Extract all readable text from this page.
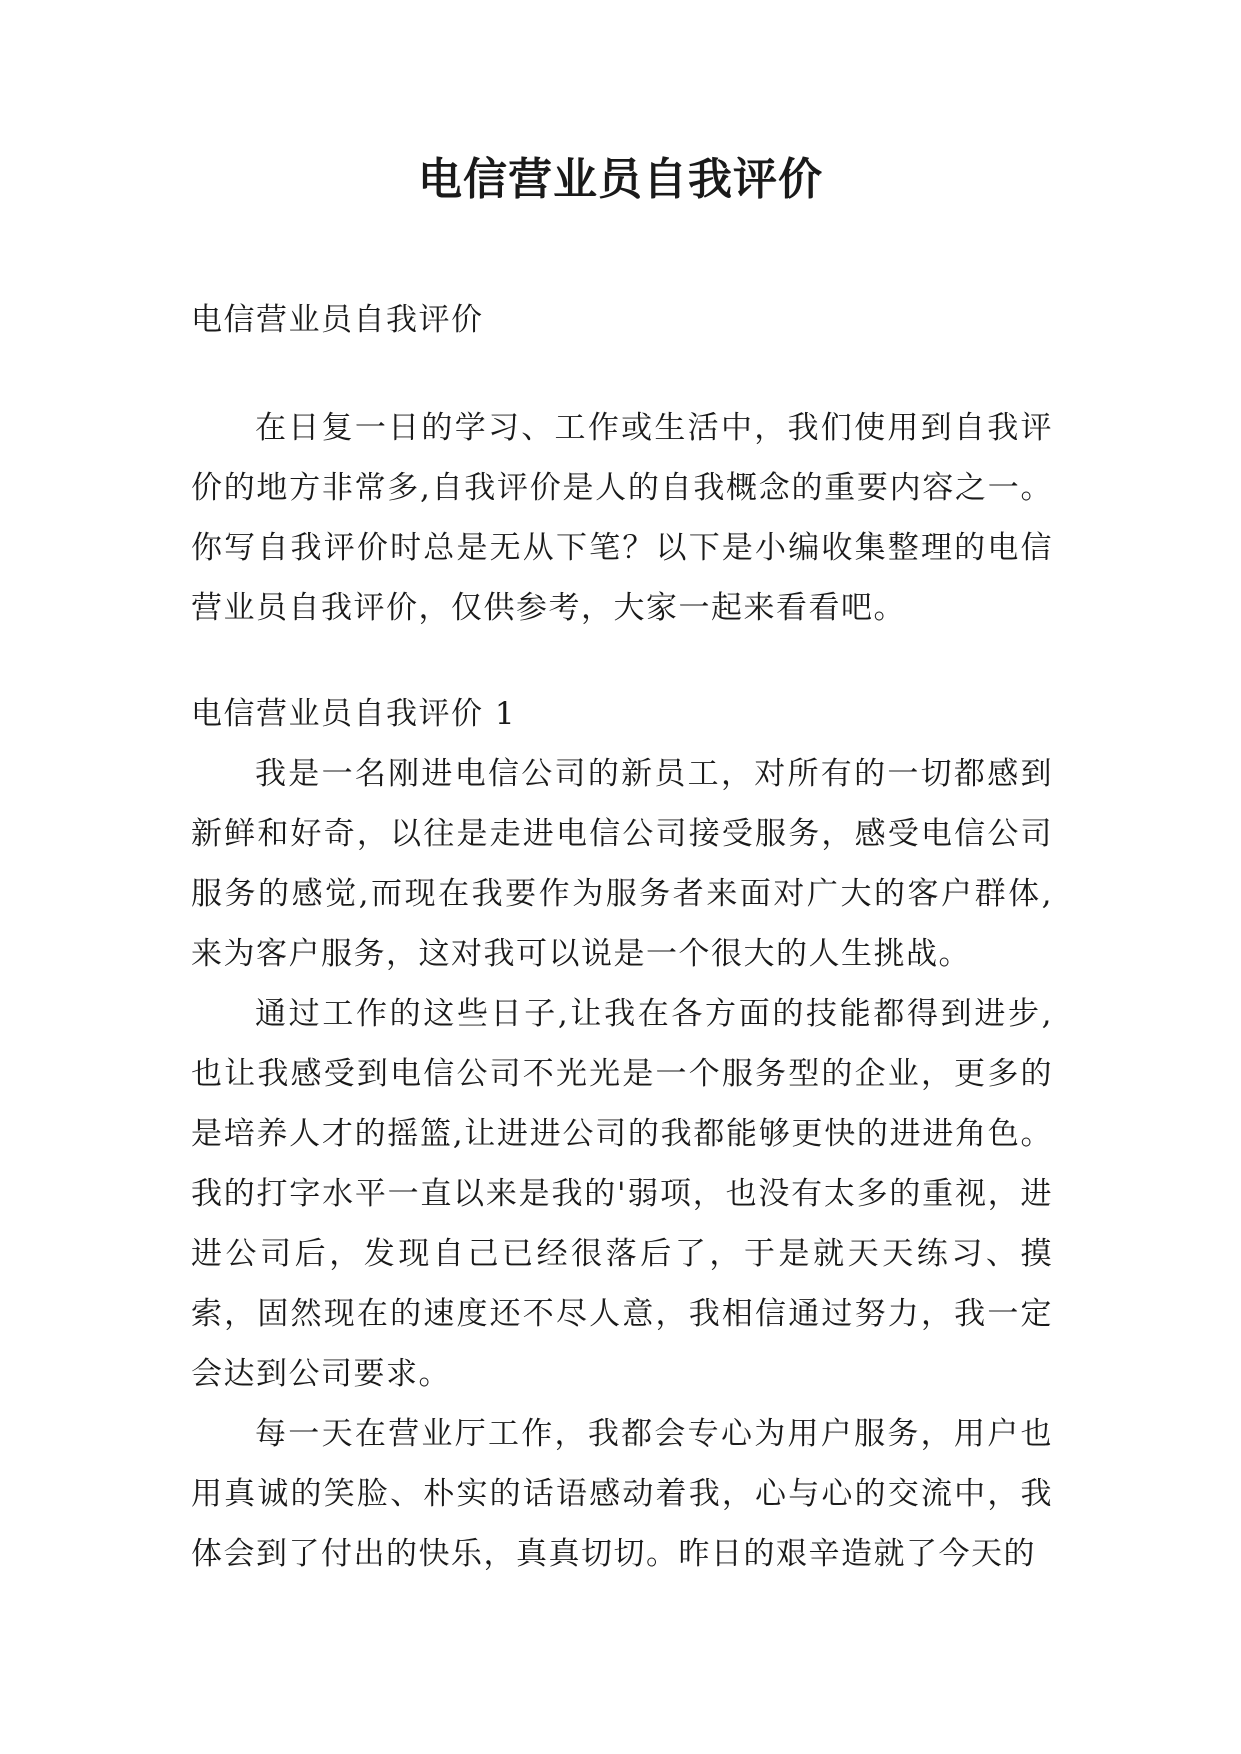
电信营业员自我评价

电信营业员自我评价

在日复一日的学习、工作或生活中，我们使用到自我评价的地方非常多,自我评价是人的自我概念的重要内容之一。你写自我评价时总是无从下笔？以下是小编收集整理的电信营业员自我评价，仅供参考，大家一起来看看吧。

电信营业员自我评价 1

我是一名刚进电信公司的新员工，对所有的一切都感到新鲜和好奇，以往是走进电信公司接受服务，感受电信公司服务的感觉,而现在我要作为服务者来面对广大的客户群体,来为客户服务，这对我可以说是一个很大的人生挑战。

通过工作的这些日子,让我在各方面的技能都得到进步,也让我感受到电信公司不光光是一个服务型的企业，更多的是培养人才的摇篮,让进进公司的我都能够更快的进进角色。我的打字水平一直以来是我的'弱项，也没有太多的重视，进进公司后，发现自己已经很落后了，于是就天天练习、摸索，固然现在的速度还不尽人意，我相信通过努力，我一定会达到公司要求。

每一天在营业厅工作，我都会专心为用户服务，用户也用真诚的笑脸、朴实的话语感动着我，心与心的交流中，我体会到了付出的快乐，真真切切。昨日的艰辛造就了今天的
